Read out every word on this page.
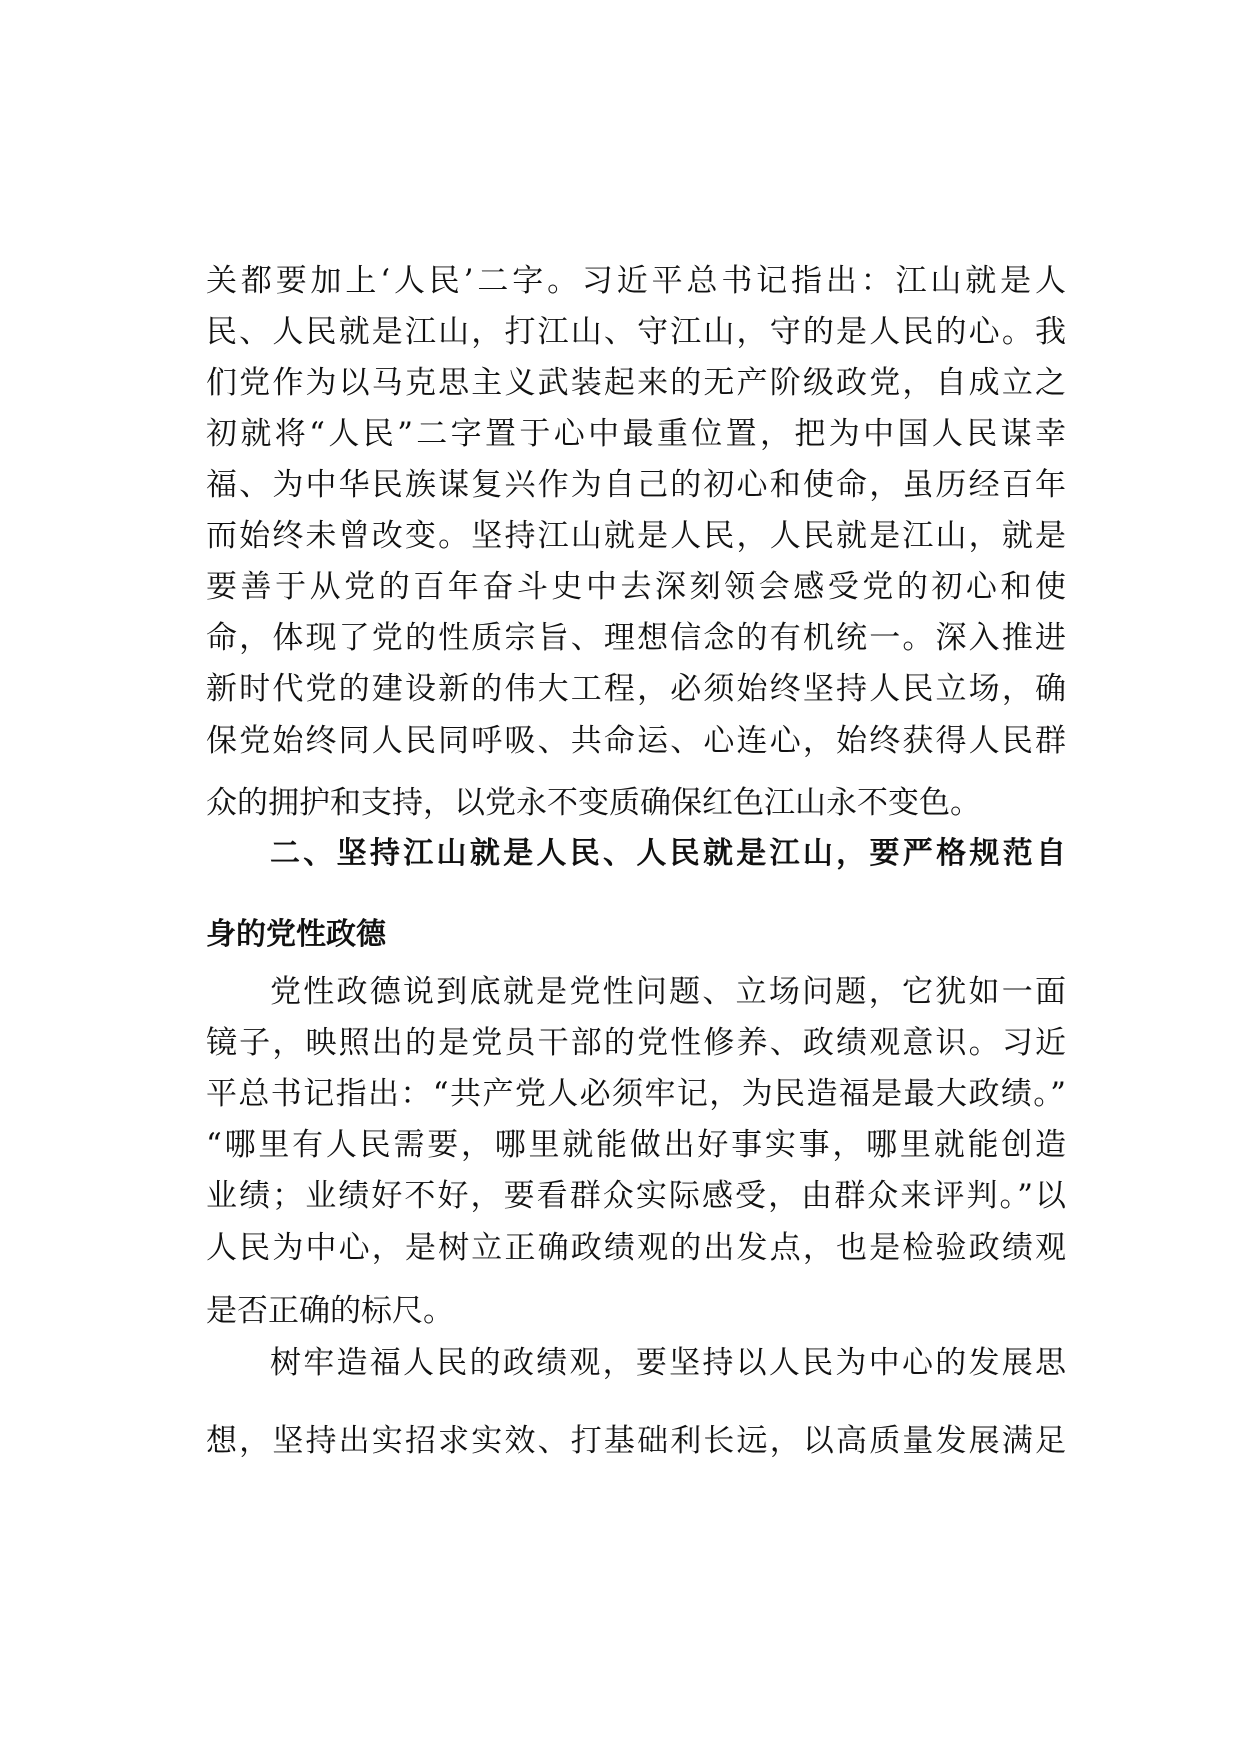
关都要加上‘人民’二字。习近平总书记指出：江山就是人
民、人民就是江山，打江山、守江山，守的是人民的心。我
们党作为以马克思主义武装起来的无产阶级政党，自成立之
初就将“人民”二字置于心中最重位置，把为中国人民谋幸
福、为中华民族谋复兴作为自己的初心和使命，虽历经百年
而始终未曾改变。坚持江山就是人民，人民就是江山，就是
要善于从党的百年奋斗史中去深刻领会感受党的初心和使
命，体现了党的性质宗旨、理想信念的有机统一。深入推进
新时代党的建设新的伟大工程，必须始终坚持人民立场，确
保党始终同人民同呼吸、共命运、心连心，始终获得人民群
众的拥护和支持，以党永不变质确保红色江山永不变色。
二、坚持江山就是人民、人民就是江山，要严格规范自
身的党性政德
党性政德说到底就是党性问题、立场问题，它犹如一面
镜子，映照出的是党员干部的党性修养、政绩观意识。习近
平总书记指出：“共产党人必须牢记，为民造福是最大政绩。”
“哪里有人民需要，哪里就能做出好事实事，哪里就能创造
业绩；业绩好不好，要看群众实际感受，由群众来评判。”以
人民为中心，是树立正确政绩观的出发点，也是检验政绩观
是否正确的标尺。
树牢造福人民的政绩观，要坚持以人民为中心的发展思
想，坚持出实招求实效、打基础利长远，以高质量发展满足
